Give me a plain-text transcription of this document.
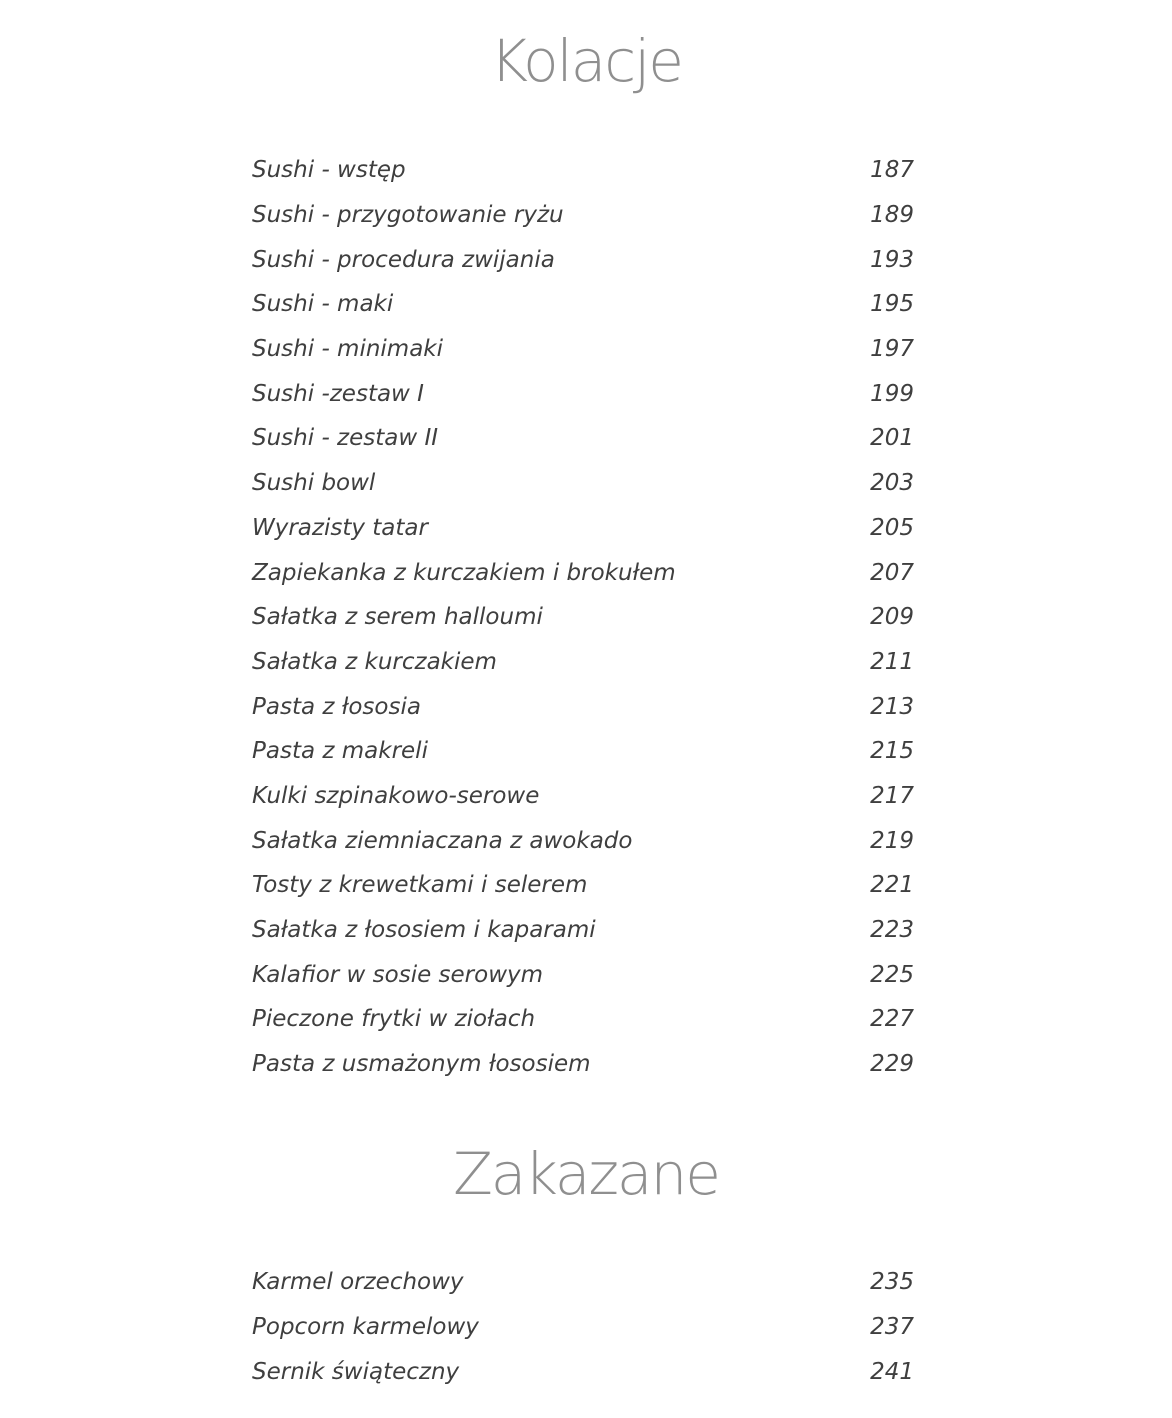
Kolacje
Sushi - wstęp	187
Sushi - przygotowanie ryżu	189
Sushi - procedura zwijania	193
Sushi - maki	195
Sushi - minimaki	197
Sushi -zestaw I	199
Sushi - zestaw II	201
Sushi bowl	203
Wyrazisty tatar	205
Zapiekanka z kurczakiem i brokułem	207
Sałatka z serem halloumi	209
Sałatka z kurczakiem	211
Pasta z łososia	213
Pasta z makreli	215
Kulki szpinakowo-serowe	217
Sałatka ziemniaczana z awokado	219
Tosty z krewetkami i selerem	221
Sałatka z łososiem i kaparami	223
Kalafior w sosie serowym	225
Pieczone frytki w ziołach	227
Pasta z usmażonym łososiem	229
Zakazane
Karmel orzechowy	235
Popcorn karmelowy	237
Sernik świąteczny	241
